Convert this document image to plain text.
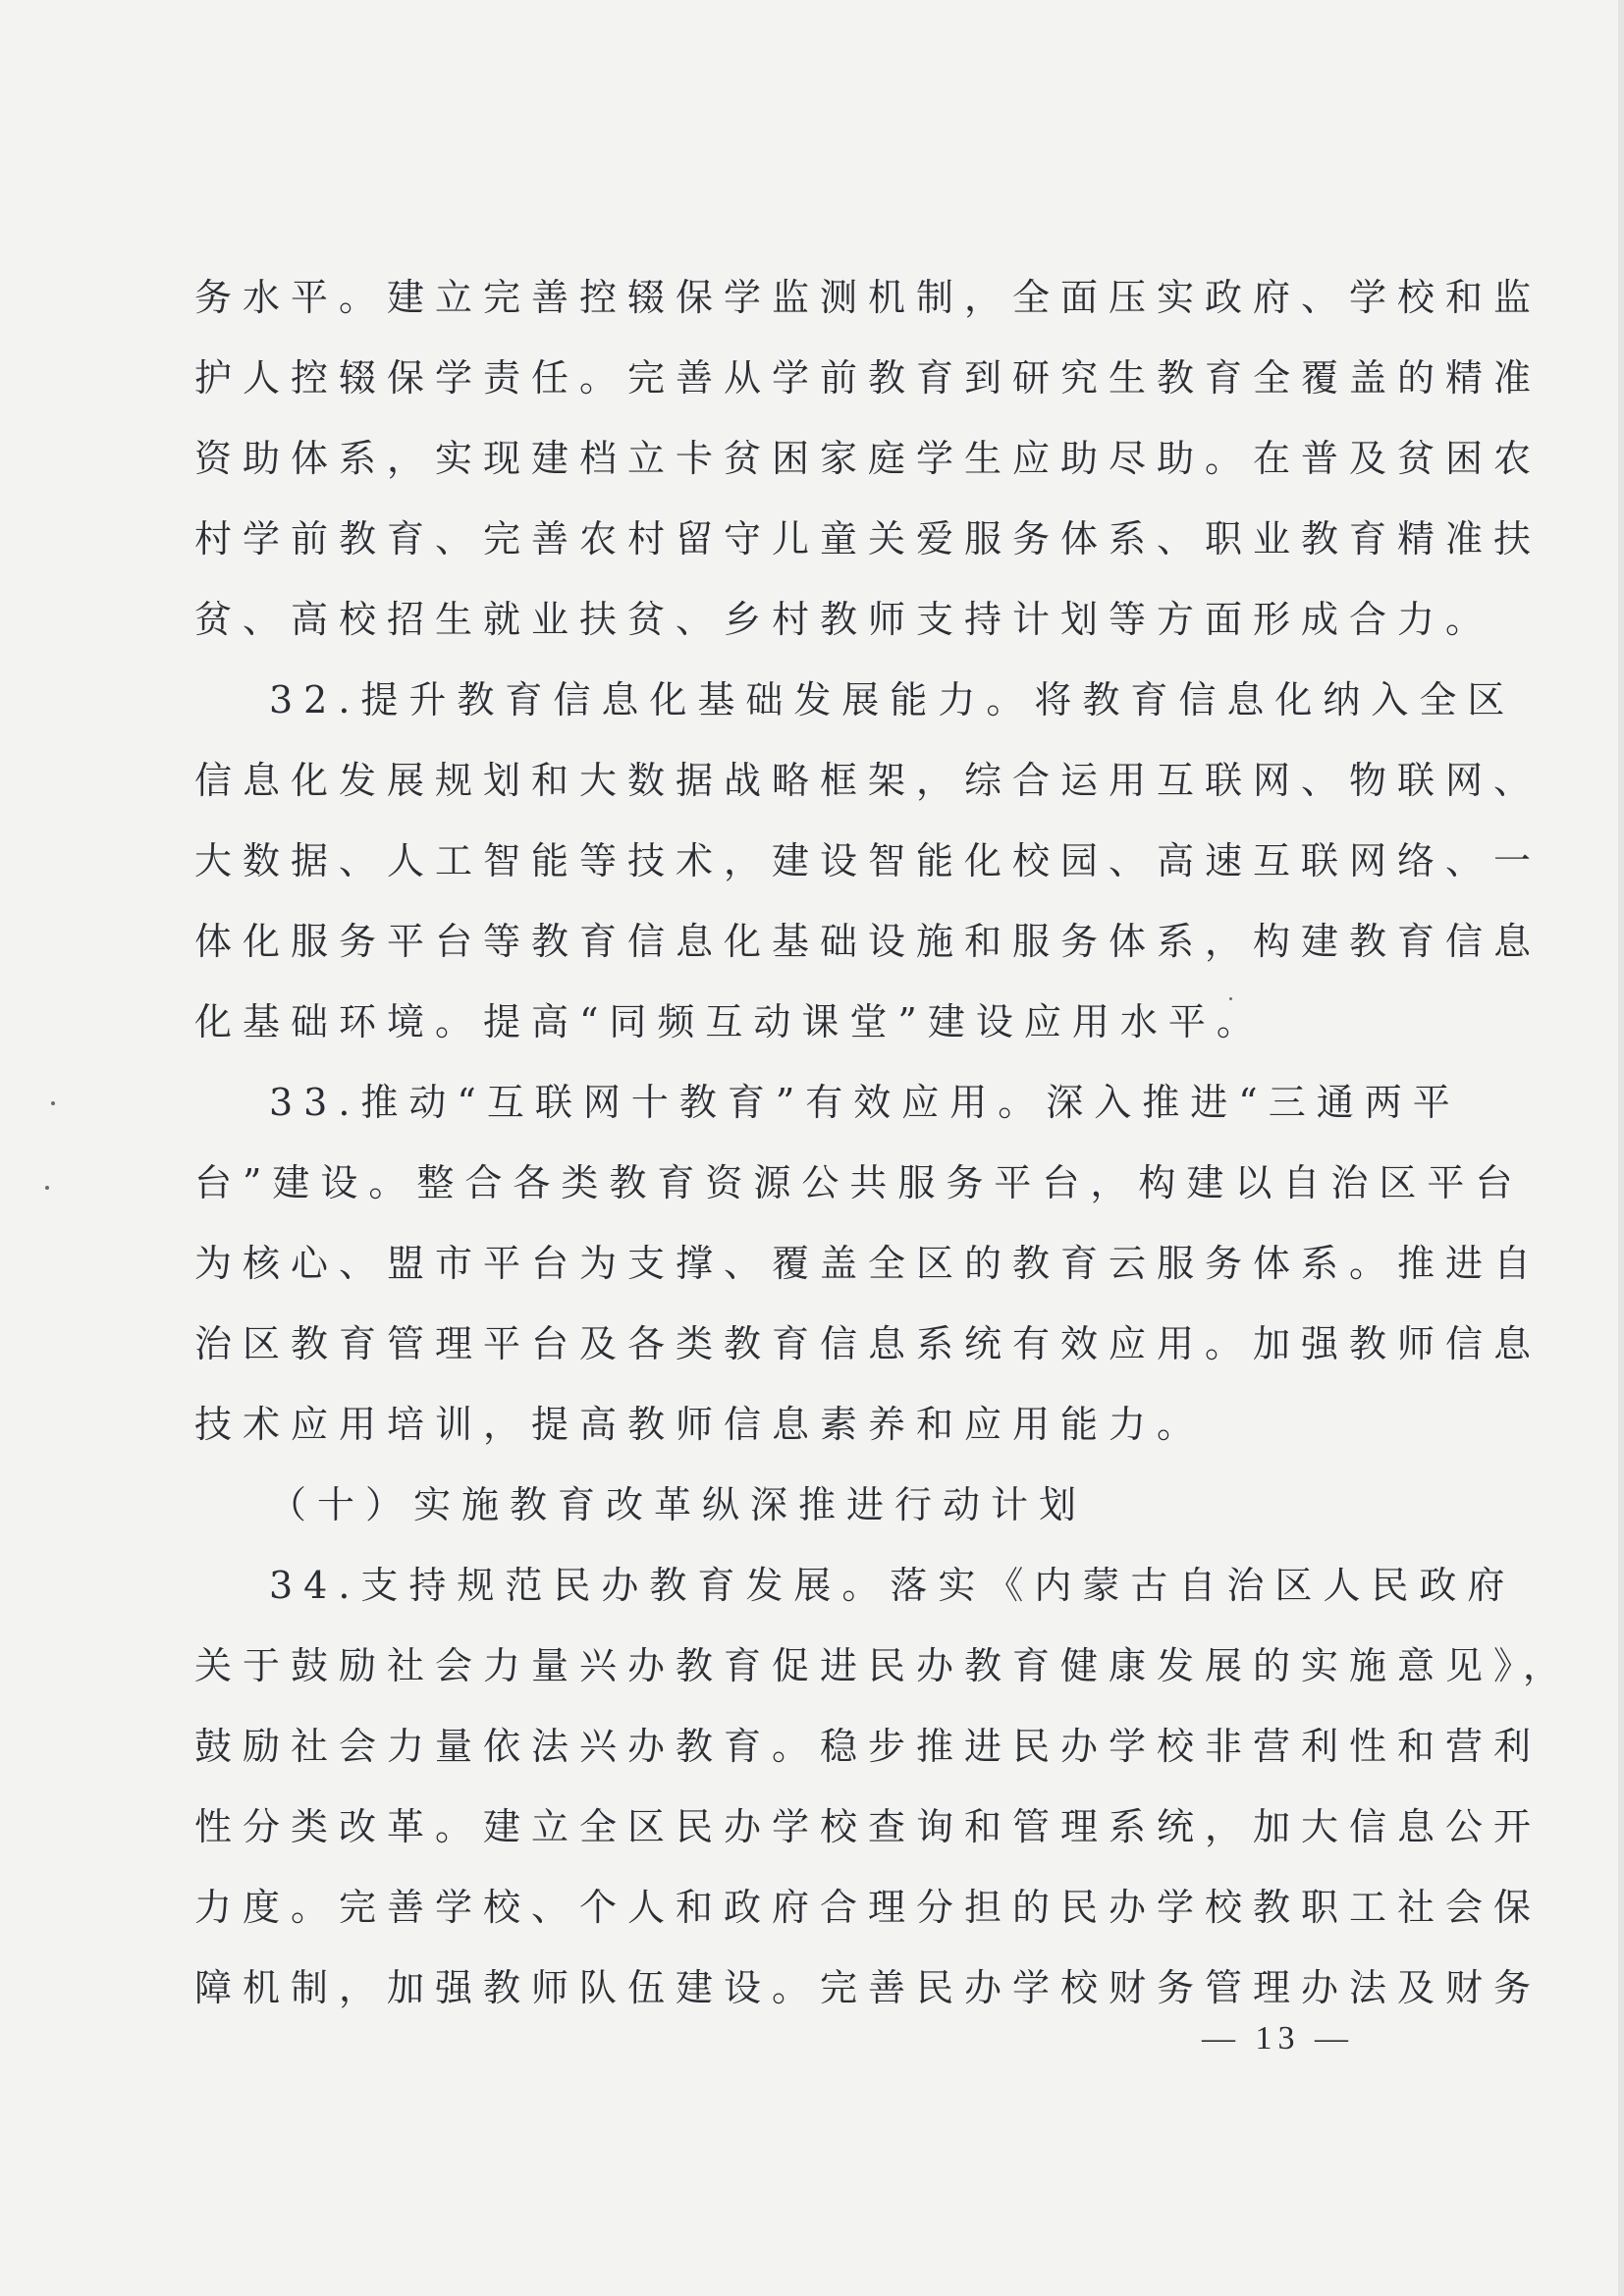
务水平。建立完善控辍保学监测机制，全面压实政府、学校和监
护人控辍保学责任。完善从学前教育到研究生教育全覆盖的精准
资助体系，实现建档立卡贫困家庭学生应助尽助。在普及贫困农
村学前教育、完善农村留守儿童关爱服务体系、职业教育精准扶
贫、高校招生就业扶贫、乡村教师支持计划等方面形成合力。
32.提升教育信息化基础发展能力。将教育信息化纳入全区
信息化发展规划和大数据战略框架，综合运用互联网、物联网、
大数据、人工智能等技术，建设智能化校园、高速互联网络、一
体化服务平台等教育信息化基础设施和服务体系，构建教育信息
化基础环境。提高“同频互动课堂”建设应用水平。
33.推动“互联网十教育”有效应用。深入推进“三通两平
台”建设。整合各类教育资源公共服务平台，构建以自治区平台
为核心、盟市平台为支撑、覆盖全区的教育云服务体系。推进自
治区教育管理平台及各类教育信息系统有效应用。加强教师信息
技术应用培训，提高教师信息素养和应用能力。
（十）实施教育改革纵深推进行动计划
34.支持规范民办教育发展。落实《内蒙古自治区人民政府
关于鼓励社会力量兴办教育促进民办教育健康发展的实施意见》，
鼓励社会力量依法兴办教育。稳步推进民办学校非营利性和营利
性分类改革。建立全区民办学校查询和管理系统，加大信息公开
力度。完善学校、个人和政府合理分担的民办学校教职工社会保
障机制，加强教师队伍建设。完善民办学校财务管理办法及财务
— 13 —
